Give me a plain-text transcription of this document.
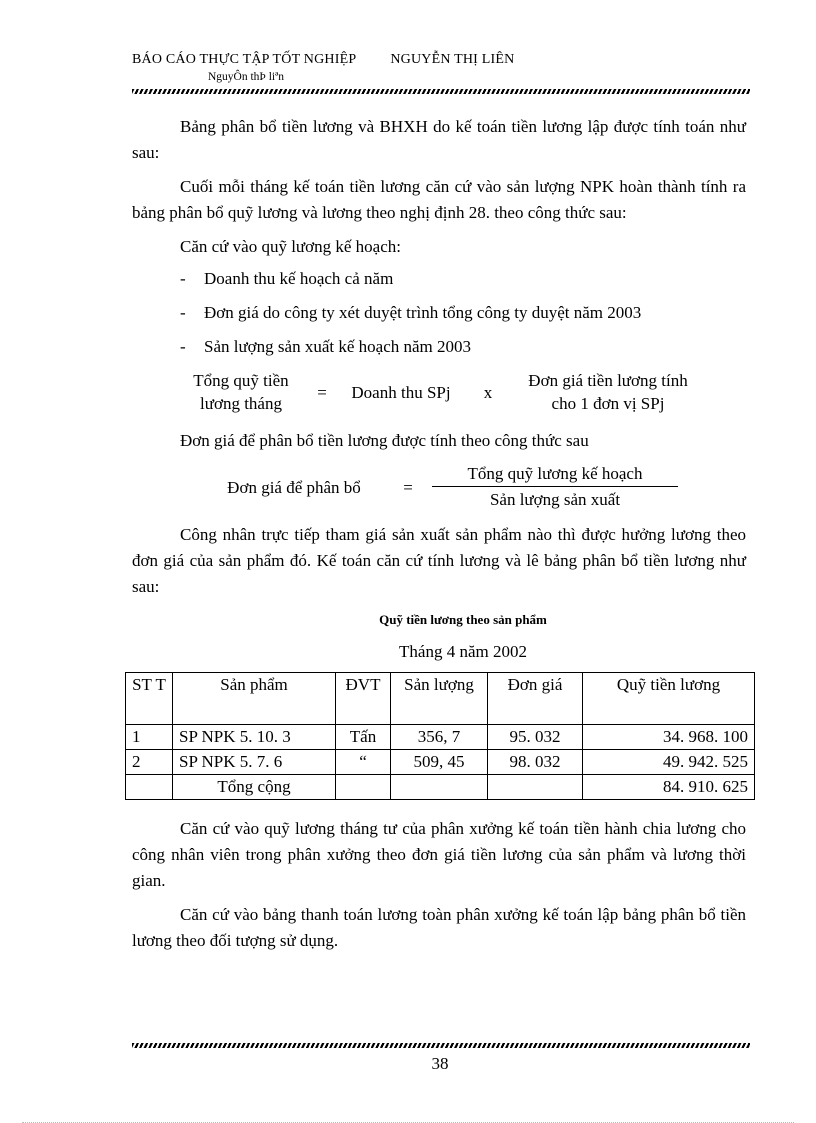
BÁO CÁO THỰC TẬP TỐT NGHIỆP NGUYỄN THỊ LIÊN
NguyÔn thÞ liªn

Bảng phân bổ tiền lương và BHXH do kế toán tiền lương lập được tính toán như sau:

Cuối mỗi tháng kế toán tiền lương căn cứ vào sản lượng NPK hoàn thành tính ra bảng phân bổ quỹ lương và lương theo nghị định 28. theo công thức sau:

Căn cứ vào quỹ lương kế hoạch:

- Doanh thu kế hoạch cả năm
- Đơn giá do công ty xét duyệt trình tổng công ty duyệt năm 2003
- Sản lượng sản xuất kế hoạch năm 2003
Tổng quỹ tiền
lương tháng
=	Doanh thu SPj	x
Đơn giá tiền lương tính
cho 1 đơn vị SPj

Đơn giá để phân bổ tiền lương được tính theo công thức sau

Đơn giá để phân bổ	=
Tổng quỹ lương kế hoạch
Sản lượng sản xuất

Công nhân trực tiếp tham giá sản xuất sản phẩm nào thì được hưởng lương theo đơn giá của sản phẩm đó. Kế toán căn cứ tính lương và lê bảng phân bổ tiền lương như sau:

Quỹ tiền lương theo sản phẩm
Tháng 4 năm 2002
ST T	Sản phẩm	ĐVT	Sản lượng	Đơn giá	Quỹ tiền lương
1	SP NPK 5. 10. 3	Tấn	356, 7	95. 032	34. 968. 100
2	SP NPK 5. 7. 6	“	509, 45	98. 032	49. 942. 525
	Tổng cộng				84. 910. 625

Căn cứ vào quỹ lương tháng tư của phân xưởng kế toán tiền hành chia lương cho công nhân viên trong phân xưởng theo đơn giá tiền lương của sản phẩm và lương thời gian.

Căn cứ vào bảng thanh toán lương toàn phân xưởng kế toán lập bảng phân bổ tiền lương theo đối tượng sử dụng.

38
